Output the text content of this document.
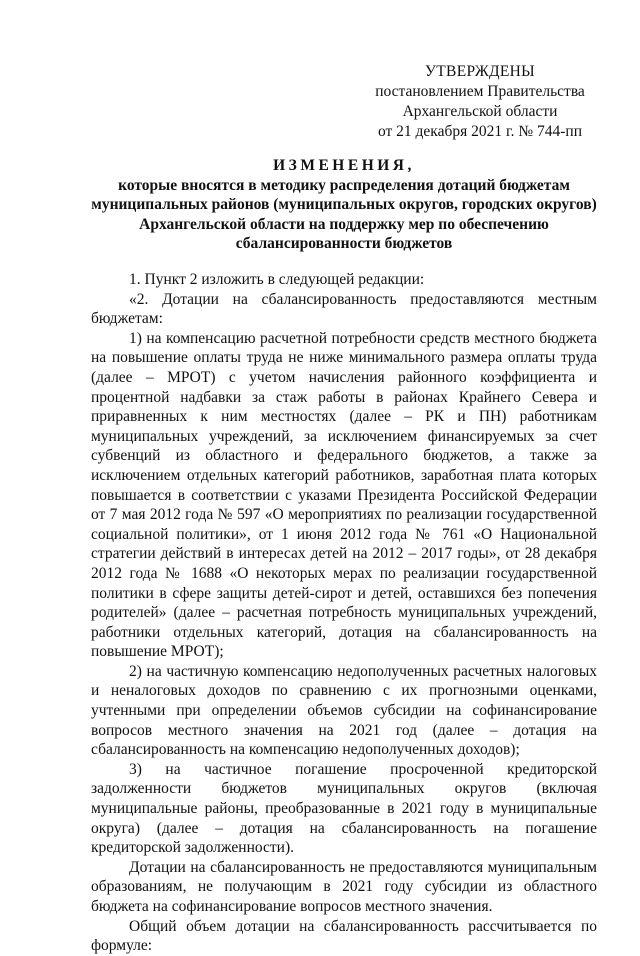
УТВЕРЖДЕНЫ
постановлением Правительства
Архангельской области
от 21 декабря 2021 г. № 744-пп
ИЗМЕНЕНИЯ,
которые вносятся в методику распределения дотаций бюджетам
муниципальных районов (муниципальных округов, городских округов)
Архангельской области на поддержку мер по обеспечению
сбалансированности бюджетов

1. Пункт 2 изложить в следующей редакции:

«2. Дотации на сбалансированность предоставляются местным бюджетам:

1) на компенсацию расчетной потребности средств местного бюджета на повышение оплаты труда не ниже минимального размера оплаты труда (далее – МРОТ) с учетом начисления районного коэффициента и процентной надбавки за стаж работы в районах Крайнего Севера и приравненных к ним местностях (далее – РК и ПН) работникам муниципальных учреждений, за исключением финансируемых за счет субвенций из областного и федерального бюджетов, а также за исключением отдельных категорий работников, заработная плата которых повышается в соответствии с указами Президента Российской Федерации от 7 мая 2012 года № 597 «О мероприятиях по реализации государственной социальной политики», от 1 июня 2012 года № 761 «О Национальной стратегии действий в интересах детей на 2012 – 2017 годы», от 28 декабря 2012 года № 1688 «О некоторых мерах по реализации государственной политики в сфере защиты детей-сирот и детей, оставшихся без попечения родителей» (далее – расчетная потребность муниципальных учреждений, работники отдельных категорий, дотация на сбалансированность на повышение МРОТ);

2) на частичную компенсацию недополученных расчетных налоговых и неналоговых доходов по сравнению с их прогнозными оценками, учтенными при определении объемов субсидии на софинансирование вопросов местного значения на 2021 год (далее – дотация на сбалансированность на компенсацию недополученных доходов);

3) на частичное погашение просроченной кредиторской задолженности бюджетов муниципальных округов (включая муниципальные районы, преобразованные в 2021 году в муниципальные округа) (далее – дотация на сбалансированность на погашение кредиторской задолженности).

Дотации на сбалансированность не предоставляются муниципальным образованиям, не получающим в 2021 году субсидии из областного бюджета на софинансирование вопросов местного значения.

Общий объем дотации на сбалансированность рассчитывается по формуле:
